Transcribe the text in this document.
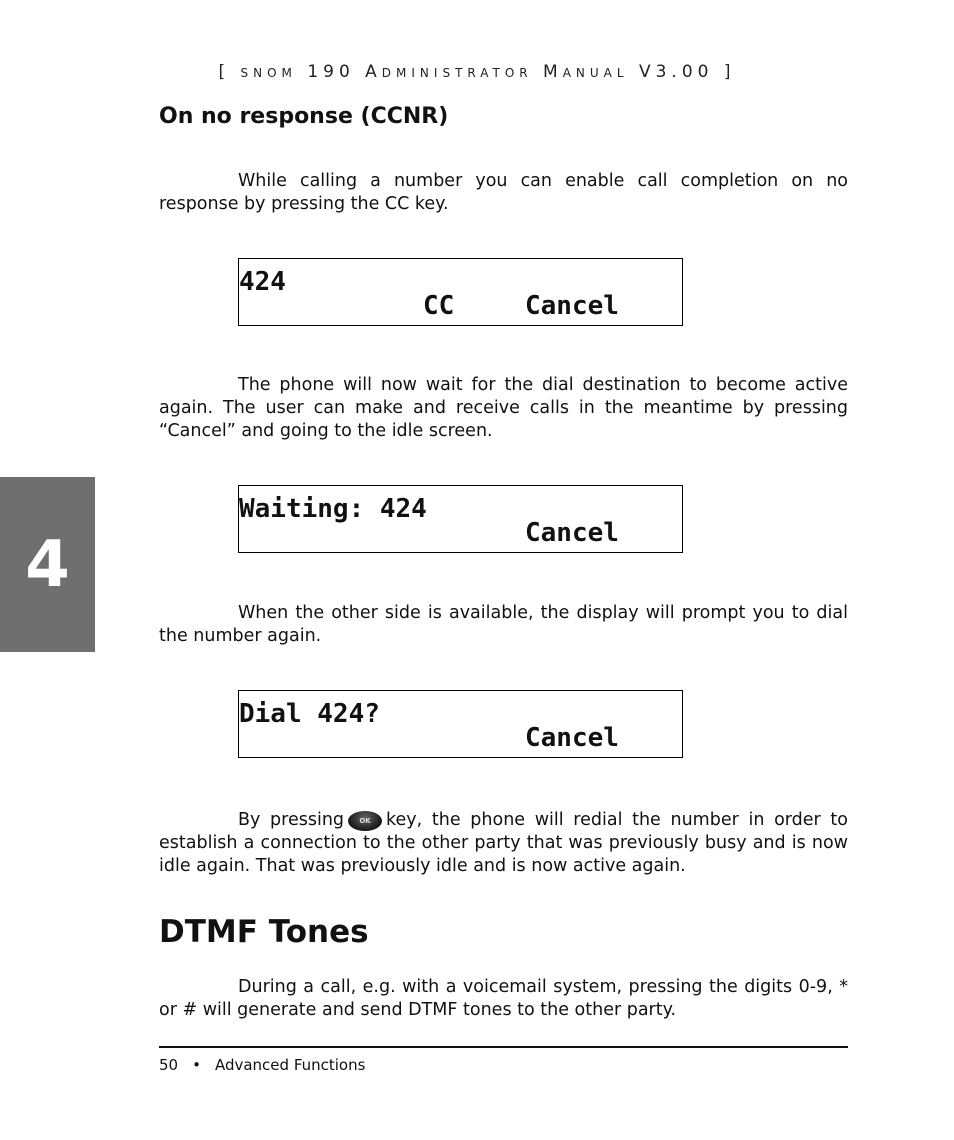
[ snom 190 Administrator Manual V3.00 ]
4
On no response (CCNR)

While calling a number you can enable call completion on no response by pressing the CC key.

424
CC	Cancel

The phone will now wait for the dial destination to become active again. The user can make and receive calls in the meantime by pressing “Cancel” and going to the idle screen.

Waiting: 424
Cancel

When the other side is available, the display will prompt you to dial the number again.

Dial 424?
Cancel

By pressing OK key, the phone will redial the number in order to establish a connection to the other party that was previously busy and is now idle again. That was previously idle and is now active again.

DTMF Tones

During a call, e.g. with a voicemail system, pressing the digits 0-9, * or # will generate and send DTMF tones to the other party.

50 • Advanced Functions
